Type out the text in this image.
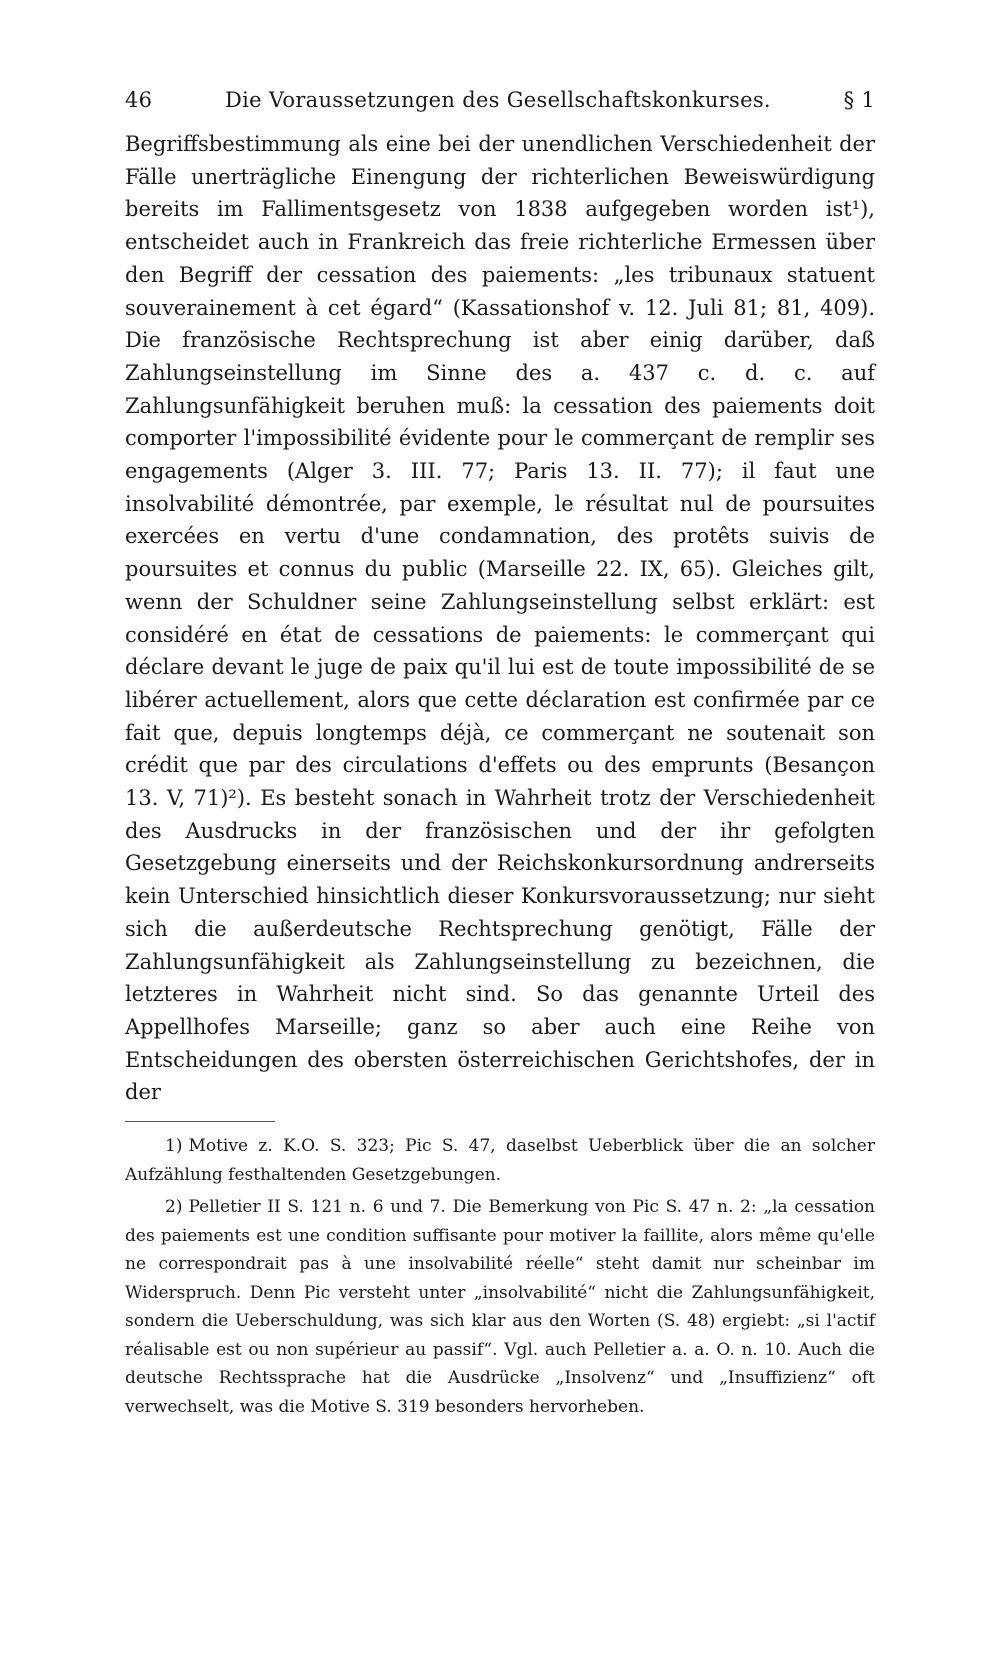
46	Die Voraussetzungen des Gesellschaftskonkurses.	§ 1

Begriffsbestimmung als eine bei der unendlichen Verschiedenheit der Fälle unerträgliche Einengung der richterlichen Beweiswürdigung bereits im Fallimentsgesetz von 1838 aufgegeben worden ist¹), entscheidet auch in Frankreich das freie richterliche Ermessen über den Begriff der cessation des paiements: „les tribunaux statuent souverainement à cet égard“ (Kassationshof v. 12. Juli 81; 81, 409). Die französische Rechtsprechung ist aber einig darüber, daß Zahlungseinstellung im Sinne des a. 437 c. d. c. auf Zahlungsunfähigkeit beruhen muß: la cessation des paiements doit comporter l'impossibilité évidente pour le commerçant de remplir ses engagements (Alger 3. III. 77; Paris 13. II. 77); il faut une insolvabilité démontrée, par exemple, le résultat nul de poursuites exercées en vertu d'une condamnation, des protêts suivis de poursuites et connus du public (Marseille 22. IX, 65). Gleiches gilt, wenn der Schuldner seine Zahlungseinstellung selbst erklärt: est considéré en état de cessations de paiements: le commerçant qui déclare devant le juge de paix qu'il lui est de toute impossibilité de se libérer actuellement, alors que cette déclaration est confirmée par ce fait que, depuis longtemps déjà, ce commerçant ne soutenait son crédit que par des circulations d'effets ou des emprunts (Besançon 13. V, 71)²). Es besteht sonach in Wahrheit trotz der Verschiedenheit des Ausdrucks in der französischen und der ihr gefolgten Gesetzgebung einerseits und der Reichskonkursordnung andrerseits kein Unterschied hinsichtlich dieser Konkursvoraussetzung; nur sieht sich die außerdeutsche Rechtsprechung genötigt, Fälle der Zahlungsunfähigkeit als Zahlungseinstellung zu bezeichnen, die letzteres in Wahrheit nicht sind. So das genannte Urteil des Appellhofes Marseille; ganz so aber auch eine Reihe von Entscheidungen des obersten österreichischen Gerichtshofes, der in der

1) Motive z. K.O. S. 323; Pic S. 47, daselbst Ueberblick über die an solcher Aufzählung festhaltenden Gesetzgebungen.

2) Pelletier II S. 121 n. 6 und 7. Die Bemerkung von Pic S. 47 n. 2: „la cessation des paiements est une condition suffisante pour motiver la faillite, alors même qu'elle ne correspondrait pas à une insolvabilité réelle“ steht damit nur scheinbar im Widerspruch. Denn Pic versteht unter „insolvabilité“ nicht die Zahlungsunfähigkeit, sondern die Ueberschuldung, was sich klar aus den Worten (S. 48) ergiebt: „si l'actif réalisable est ou non supérieur au passif“. Vgl. auch Pelletier a. a. O. n. 10. Auch die deutsche Rechtssprache hat die Ausdrücke „Insolvenz“ und „Insuffizienz“ oft verwechselt, was die Motive S. 319 besonders hervorheben.
